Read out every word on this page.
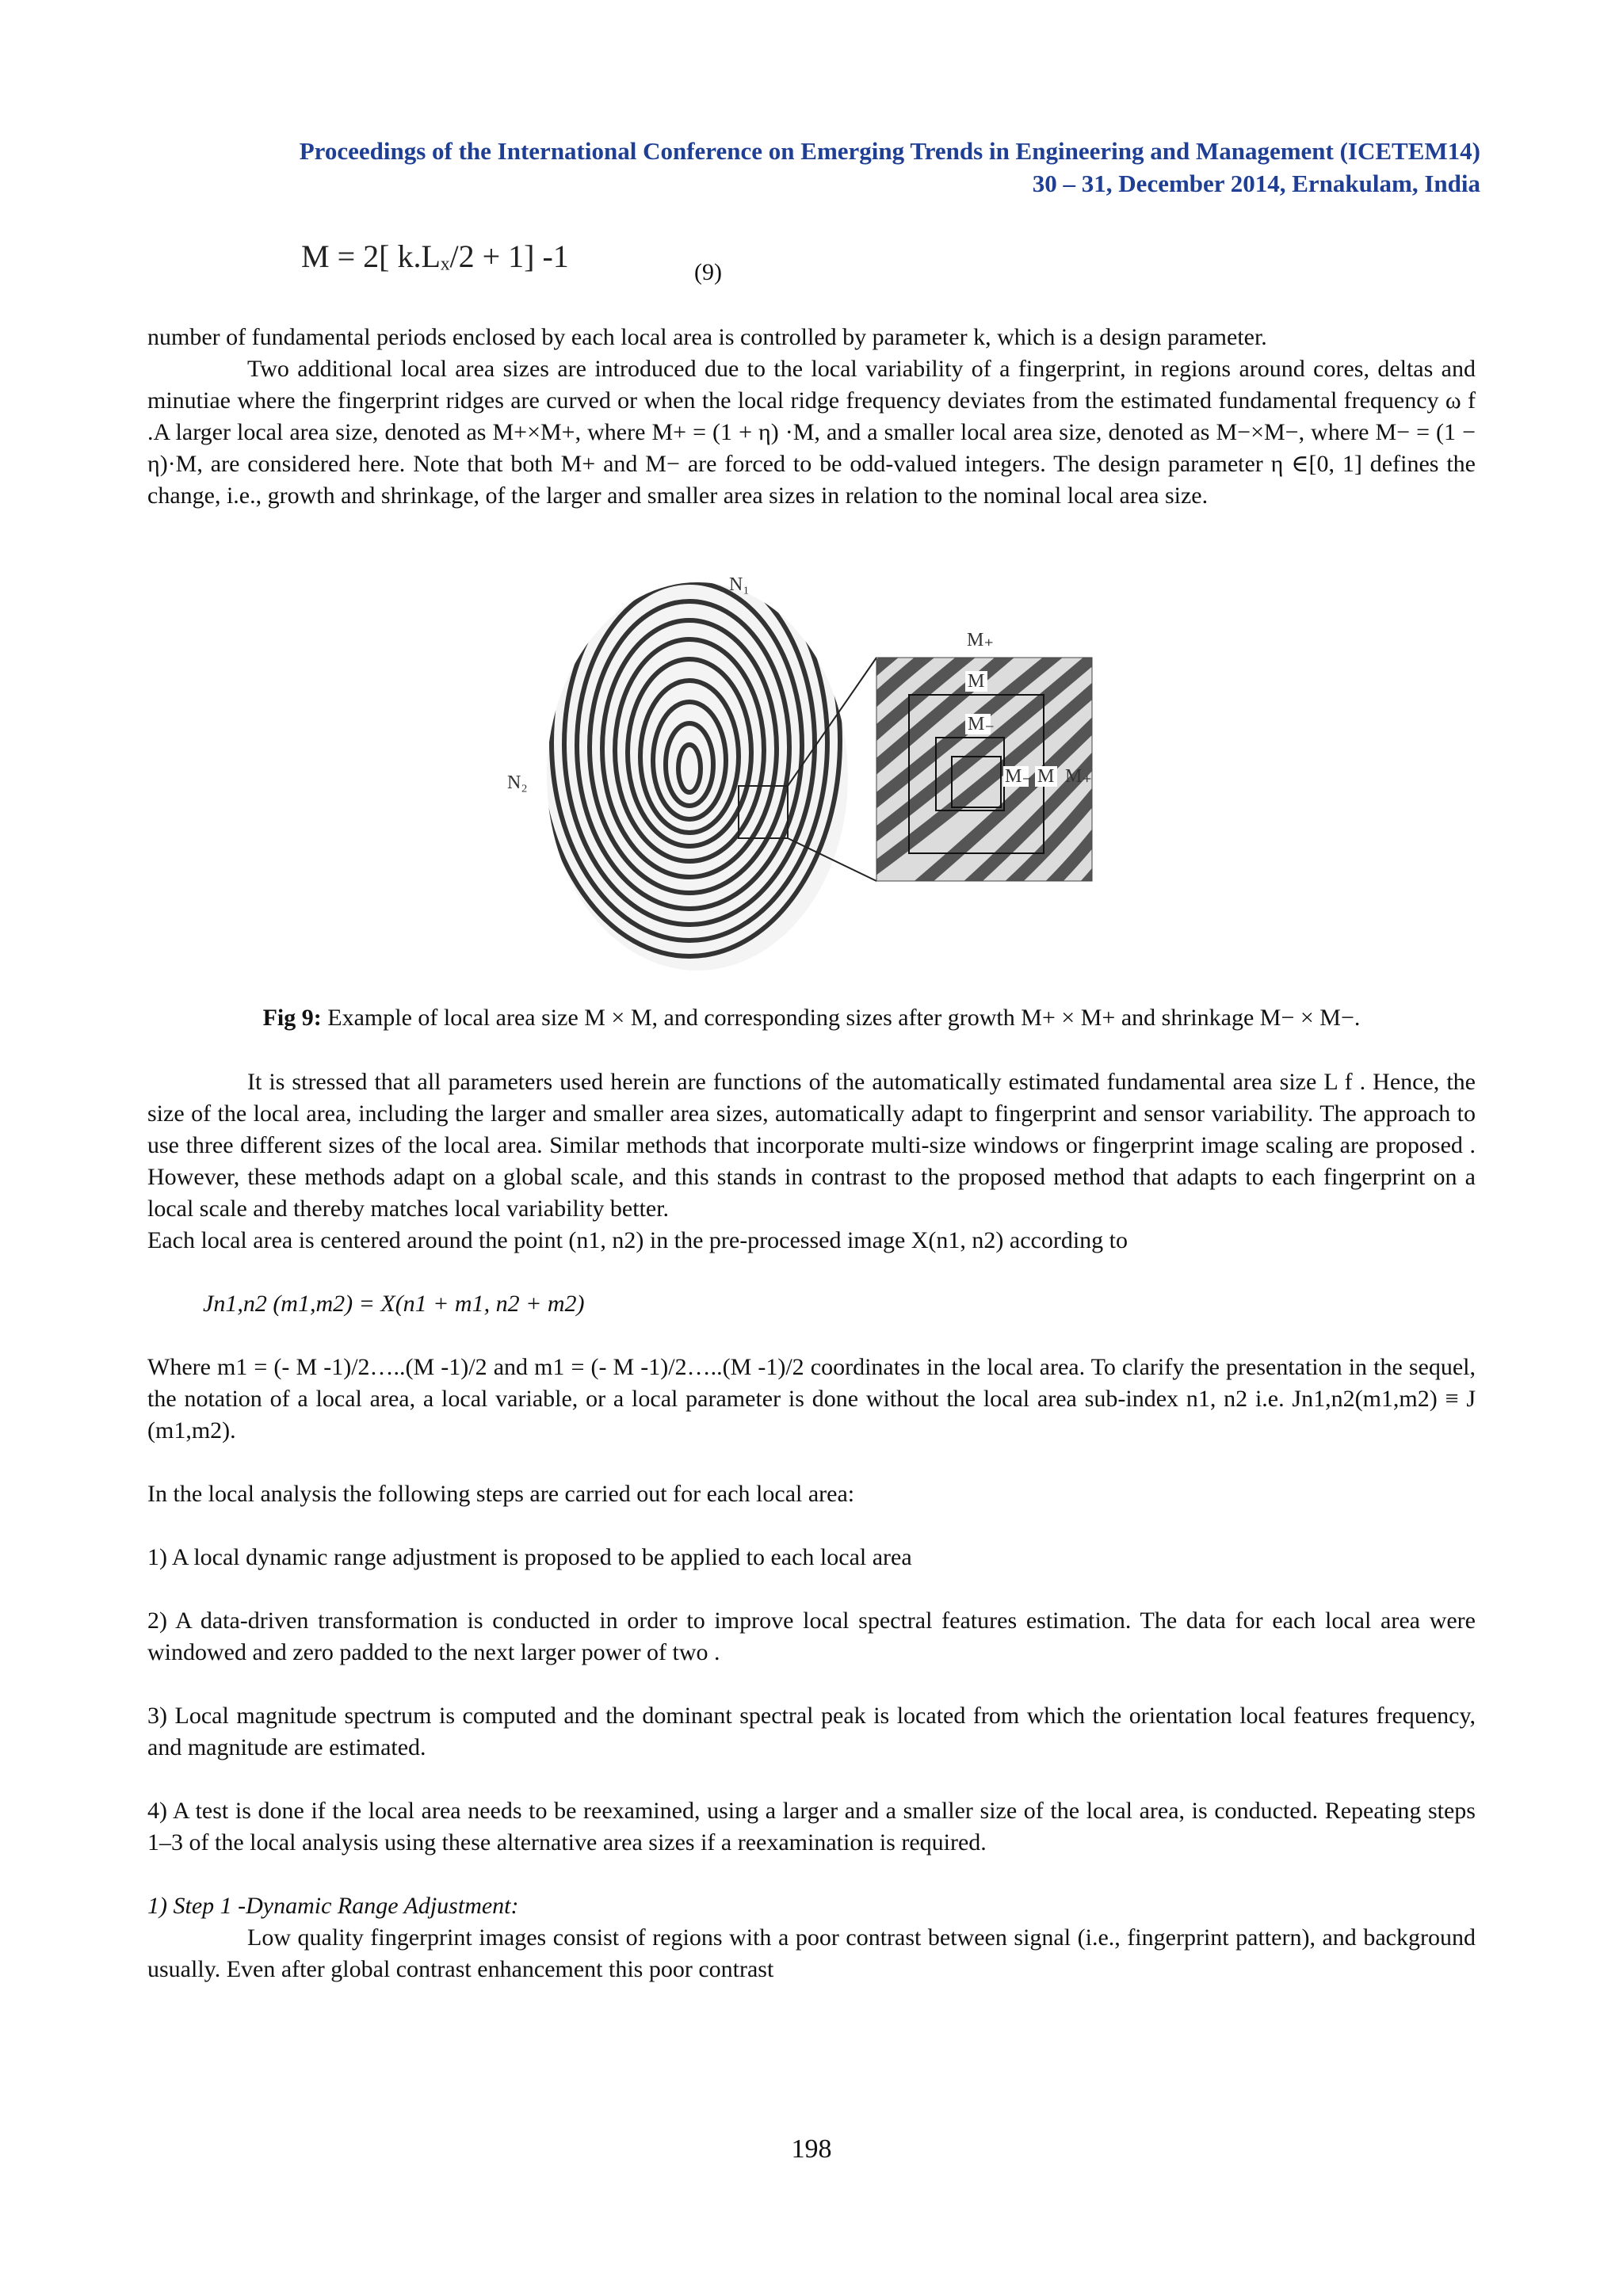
Proceedings of the International Conference on Emerging Trends in Engineering and Management (ICETEM14)
30 – 31, December 2014, Ernakulam, India
M = 2[ k.Lₓ/2 + 1] -1	(9)

number of fundamental periods enclosed by each local area is controlled by parameter k, which is a design parameter.

Two additional local area sizes are introduced due to the local variability of a fingerprint, in regions around cores, deltas and minutiae where the fingerprint ridges are curved or when the local ridge frequency deviates from the estimated fundamental frequency ω f .A larger local area size, denoted as M+×M+, where M+ = (1 + η) ·M, and a smaller local area size, denoted as M−×M−, where M− = (1 − η)·M, are considered here. Note that both M+ and M− are forced to be odd-valued integers. The design parameter η ∈[0, 1] defines the change, i.e., growth and shrinkage, of the larger and smaller area sizes in relation to the nominal local area size.

N₁
N₂
M₊
M
M₋
M₋ M M₊
Fig 9: Example of local area size M × M, and corresponding sizes after growth M+ × M+ and shrinkage M− × M−.

It is stressed that all parameters used herein are functions of the automatically estimated fundamental area size L f . Hence, the size of the local area, including the larger and smaller area sizes, automatically adapt to fingerprint and sensor variability. The approach to use three different sizes of the local area. Similar methods that incorporate multi-size windows or fingerprint image scaling are proposed . However, these methods adapt on a global scale, and this stands in contrast to the proposed method that adapts to each fingerprint on a local scale and thereby matches local variability better.

Each local area is centered around the point (n1, n2) in the pre-processed image X(n1, n2) according to

Jn1,n2 (m1,m2) = X(n1 + m1, n2 + m2)

Where m1 = (- M -1)/2…..(M -1)/2 and m1 = (- M -1)/2…..(M -1)/2 coordinates in the local area. To clarify the presentation in the sequel, the notation of a local area, a local variable, or a local parameter is done without the local area sub-index n1, n2 i.e. Jn1,n2(m1,m2) ≡ J (m1,m2).

In the local analysis the following steps are carried out for each local area:

1) A local dynamic range adjustment is proposed to be applied to each local area

2) A data-driven transformation is conducted in order to improve local spectral features estimation. The data for each local area were windowed and zero padded to the next larger power of two .

3) Local magnitude spectrum is computed and the dominant spectral peak is located from which the orientation local features frequency, and magnitude are estimated.

4) A test is done if the local area needs to be reexamined, using a larger and a smaller size of the local area, is conducted. Repeating steps 1–3 of the local analysis using these alternative area sizes if a reexamination is required.

1) Step 1 -Dynamic Range Adjustment:

Low quality fingerprint images consist of regions with a poor contrast between signal (i.e., fingerprint pattern), and background usually. Even after global contrast enhancement this poor contrast

198
